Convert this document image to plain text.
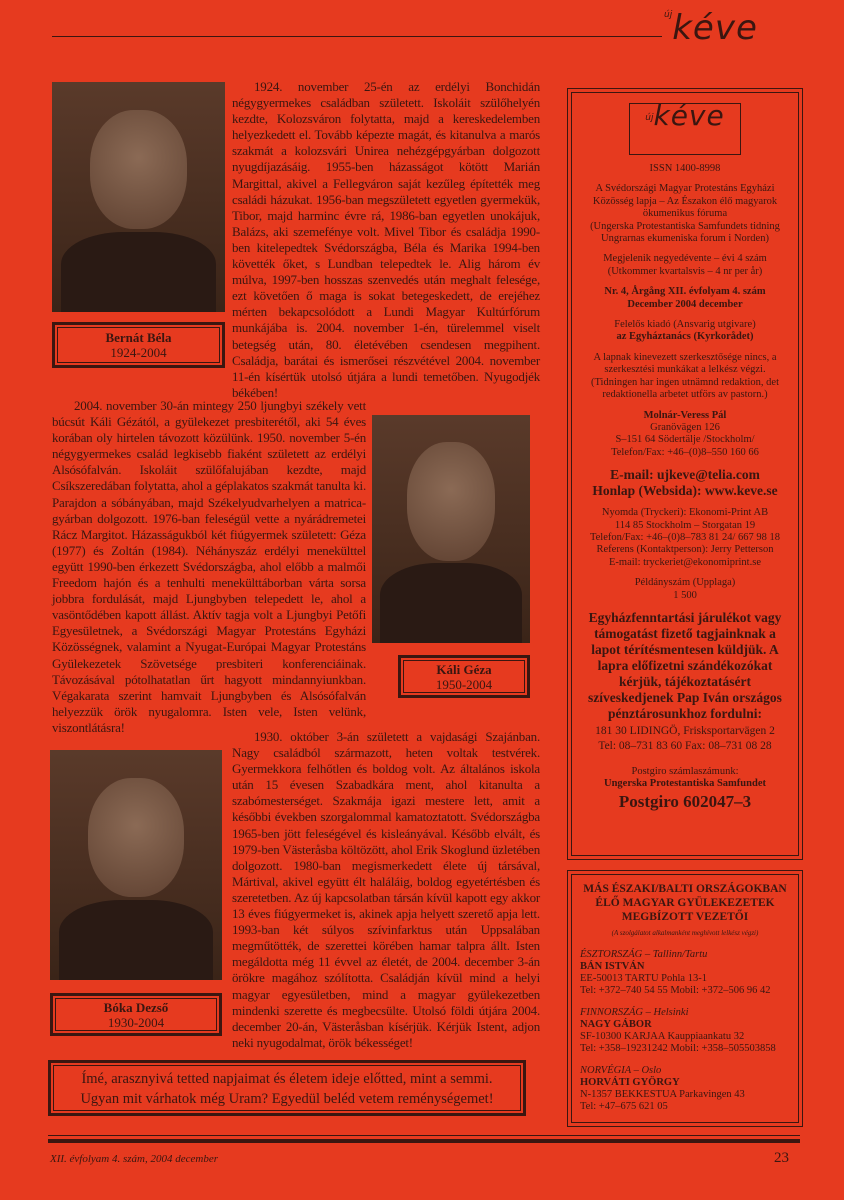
$^{új}$kéve
Bernát Béla
1924-2004

1924. november 25-én az erdélyi Bonchidán négygyermekes családban született. Iskoláit szülőhelyén kezdte, Kolozsváron folytatta, majd a kereskedelemben helyezkedett el. Tovább képezte magát, és kitanulva a marós szakmát a kolozsvári Unirea nehézgépgyárban dolgozott nyugdíjazásáig. 1955-ben házasságot kötött Marián Margittal, akivel a Fellegváron saját kezűleg építették meg családi házukat. 1956-ban megszületett egyetlen gyermekük, Tibor, majd harminc évre rá, 1986-ban egyetlen unokájuk, Balázs, aki szemefénye volt. Mivel Tibor és családja 1990-ben kitelepedtek Svédországba, Béla és Marika 1994-ben követték őket, s Lundban telepedtek le. Alig három év múlva, 1997-ben hosszas szenvedés után meghalt felesége, ezt követően ő maga is sokat betegeskedett, de erejéhez mérten bekapcsolódott a Lundi Magyar Kultúrfórum munkájába is. 2004. november 1-én, türelemmel viselt betegség után, 80. életévében csendesen megpihent. Családja, barátai és ismerősei részvétével 2004. november 11-én kísértük utolsó útjára a lundi temetőben. Nyugodjék békében!

2004. november 30-án mintegy 250 ljungbyi székely vett búcsút Káli Gézától, a gyülekezet presbiterétől, aki 54 éves korában oly hirtelen távozott közülünk. 1950. november 5-én négygyermekes család legkisebb fiaként született az erdélyi Alsósófalván. Iskoláit szülőfalujában kezdte, majd Csíkszeredában folytatta, ahol a géplakatos szakmát tanulta ki. Parajdon a sóbányában, majd Székelyudvarhelyen a matrica-gyárban dolgozott. 1976-ban feleségül vette a nyárádremetei Rácz Margitot. Házasságukból két fiúgyermek született: Géza (1977) és Zoltán (1984). Néhányszáz erdélyi menekülttel együtt 1990-ben érkezett Svédországba, ahol előbb a malmői Freedom hajón és a tenhulti menekülttáborban várta sorsa jobbra fordulását, majd Ljungbyben telepedett le, ahol a vasöntődében kapott állást. Aktív tagja volt a Ljungbyi Petőfi Egyesületnek, a Svédországi Magyar Protestáns Egyházi Közösségnek, valamint a Nyugat-Európai Magyar Protestáns Gyülekezetek Szövetsége presbiteri konferenciáinak. Távozásával pótolhatatlan űrt hagyott mindannyiunkban. Végakarata szerint hamvait Ljungbyben és Alsósófalván helyezzük örök nyugalomra. Isten vele, Isten velünk, viszontlátásra!

Káli Géza
1950-2004
Bóka Dezső
1930-2004

1930. október 3-án született a vajdasági Szajánban. Nagy családból származott, heten voltak testvérek. Gyermekkora felhőtlen és boldog volt. Az általános iskola után 15 évesen Szabadkára ment, ahol kitanulta a szabómesterséget. Szakmája igazi mestere lett, amit a későbbi években szorgalommal kamatoztatott. Svédországba 1965-ben jött feleségével és kisleányával. Később elvált, és 1979-ben Västeråsba költözött, ahol Erik Skoglund üzletében dolgozott. 1980-ban megismerkedett élete új társával, Mártival, akivel együtt élt haláláig, boldog egyetértésben és szeretetben. Az új kapcsolatban társán kívül kapott egy akkor 13 éves fiúgyermeket is, akinek apja helyett szerető apja lett. 1993-ban két súlyos szívinfarktus után Uppsalában megműtötték, de szerettei körében hamar talpra állt. Isten megáldotta még 11 évvel az életét, de 2004. december 3-án örökre magához szólította. Családján kívül mind a helyi magyar egyesületben, mind a magyar gyülekezetben mindenki szerette és megbecsülte. Utolsó földi útjára 2004. december 20-án, Västeråsban kísérjük. Kérjük Istent, adjon neki nyugodalmat, örök békességet!

Ímé, arasznyivá tetted napjaimat és életem ideje előtted, mint a semmi.
Ugyan mit várhatok még Uram? Egyedül beléd vetem reménységemet!
$^{új}$kéve

ISSN 1400-8998

A Svédországi Magyar Protestáns Egyházi Közösség lapja – Az Északon élő magyarok ökumenikus fóruma
(Ungerska Protestantiska Samfundets tidning Ungrarnas ekumeniska forum i Norden)

Megjelenik negyedévente – évi 4 szám
(Utkommer kvartalsvis – 4 nr per år)

Nr. 4, Årgång XII. évfolyam 4. szám
December 2004 december

Felelős kiadó (Ansvarig utgivare)
az Egyháztanács (Kyrkorådet)

A lapnak kinevezett szerkesztősége nincs, a szerkesztési munkákat a lelkész végzi.
(Tidningen har ingen utnämnd redaktion, det redaktionella arbetet utförs av pastorn.)

Molnár-Veress Pál
Granövägen 126
S–151 64 Södertälje /Stockholm/
Telefon/Fax: +46–(0)8–550 160 66

E-mail: ujkeve@telia.com
Honlap (Websida): www.keve.se

Nyomda (Tryckeri): Ekonomi-Print AB
114 85 Stockholm – Storgatan 19
Telefon/Fax: +46–(0)8–783 81 24/ 667 98 18
Referens (Kontaktperson): Jerry Petterson
E-mail: tryckeriet@ekonomiprint.se

Példányszám (Upplaga)
1 500

Egyházfenntartási járulékot vagy támogatást fizető tagjainknak a lapot térítésmentesen küldjük. A lapra előfizetni szándékozókat kérjük, tájékoztatásért szíveskedjenek Pap Iván országos pénztárosunkhoz fordulni:

181 30 LIDINGÖ, Frisksportarvägen 2
Tel: 08–731 83 60 Fax: 08–731 08 28

Postgiro számlaszámunk:
Ungerska Protestantiska Samfundet
Postgiro 602047–3

MÁS ÉSZAKI/BALTI ORSZÁGOKBAN
ÉLŐ MAGYAR GYÜLEKEZETEK
MEGBÍZOTT VEZETŐI
(A szolgálatot alkalmanként meghívott lelkész végzi)
ÉSZTORSZÁG – Tallinn/Tartu
BÁN ISTVÁN
EE-50013 TARTU Pohla 13-1
Tel: +372–740 54 55 Mobil: +372–506 96 42
FINNORSZÁG – Helsinki
NAGY GÁBOR
SF-10300 KARJAA Kauppiaankatu 32
Tel: +358–19231242 Mobil: +358–505503858
NORVÉGIA – Oslo
HORVÁTI GYÖRGY
N-1357 BEKKESTUA Parkavingen 43
Tel: +47–675 621 05
XII. évfolyam 4. szám, 2004 december	23
